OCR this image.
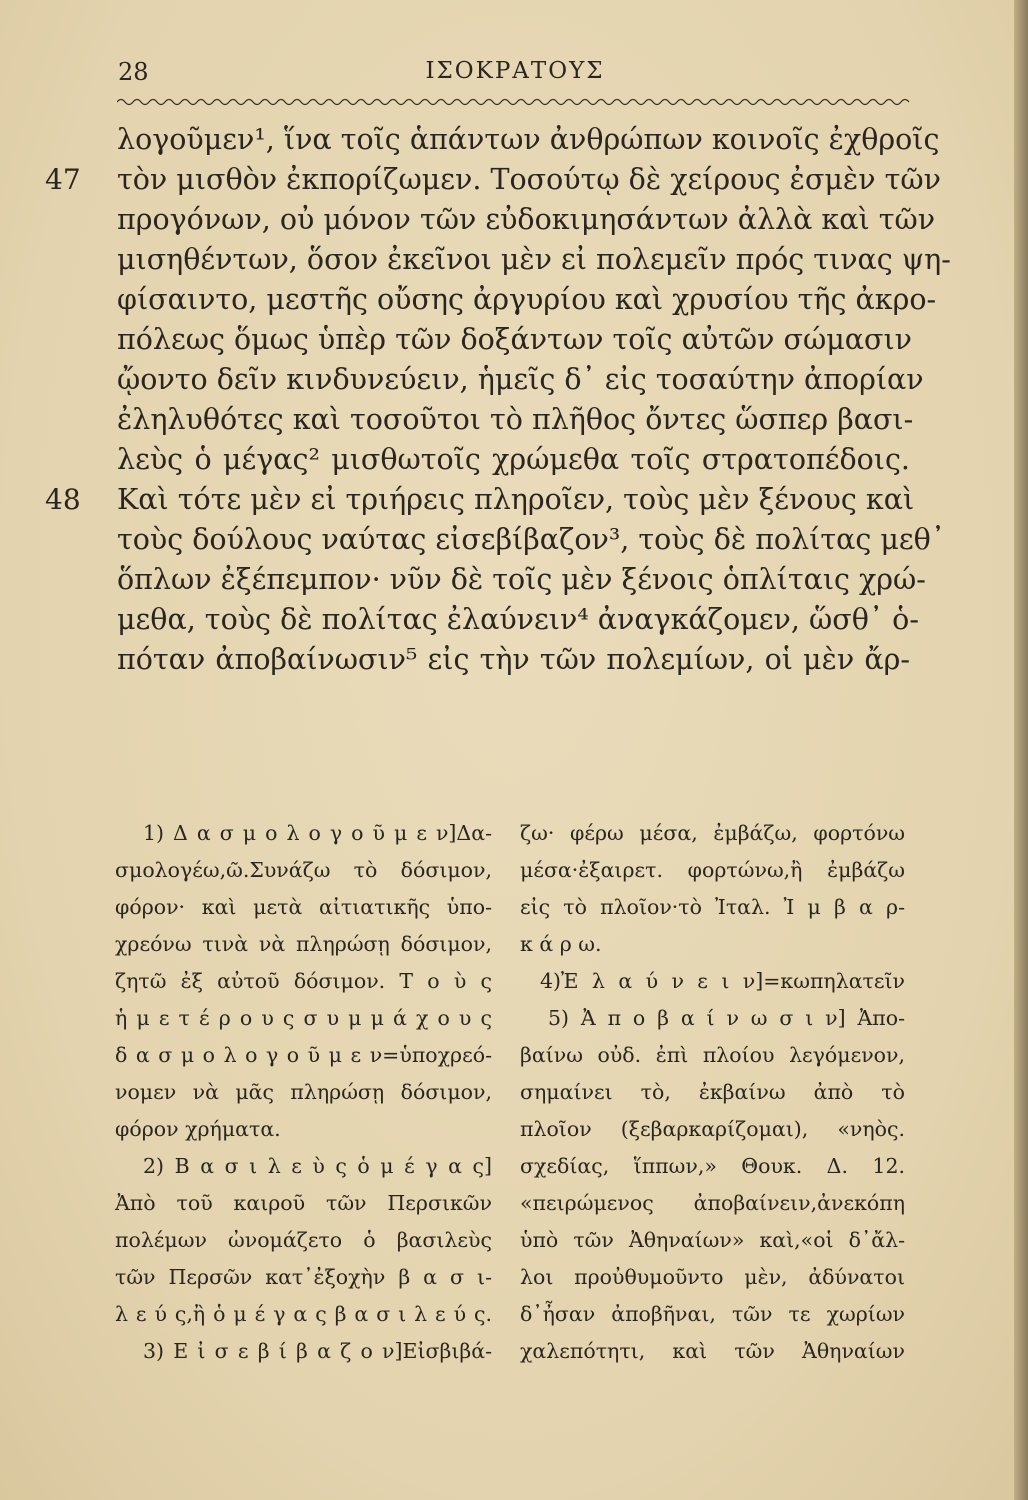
28	ΙΣΟΚΡΑΤΟΥΣ
λογοῦμεν¹, ἵνα τοῖς ἁπάντων ἀνθρώπων κοινοῖς ἐχθροῖς
47 τὸν μισθὸν ἐκπορίζωμεν. Τοσούτῳ δὲ χείρους ἐσμὲν τῶν
προγόνων, οὐ μόνον τῶν εὐδοκιμησάντων ἀλλὰ καὶ τῶν
μισηθέντων, ὅσον ἐκεῖνοι μὲν εἰ πολεμεῖν πρός τινας ψη-
φίσαιντο, μεστῆς οὔσης ἀργυρίου καὶ χρυσίου τῆς ἀκρο-
πόλεως ὅμως ὑπὲρ τῶν δοξάντων τοῖς αὐτῶν σώμασιν
ᾤοντο δεῖν κινδυνεύειν, ἡμεῖς δ᾽ εἰς τοσαύτην ἀπορίαν
ἐληλυθότες καὶ τοσοῦτοι τὸ πλῆθος ὄντες ὥσπερ βασι-
λεὺς ὁ μέγας² μισθωτοῖς χρώμεθα τοῖς στρατοπέδοις.
48 Καὶ τότε μὲν εἰ τριήρεις πληροῖεν, τοὺς μὲν ξένους καὶ
τοὺς δούλους ναύτας εἰσεβίβαζον³, τοὺς δὲ πολίτας μεθ᾽
ὅπλων ἐξέπεμπον· νῦν δὲ τοῖς μὲν ξένοις ὁπλίταις χρώ-
μεθα, τοὺς δὲ πολίτας ἐλαύνειν⁴ ἀναγκάζομεν, ὥσθ᾽ ὁ-
πόταν ἀποβαίνωσιν⁵ εἰς τὴν τῶν πολεμίων, οἱ μὲν ἄρ-
1) Δ α σ μ ο λ ο γ ο ῦ μ ε ν]Δα-
σμολογέω,ῶ.Συνάζω τὸ δόσιμον,
φόρον· καὶ μετὰ αἰτιατικῆς ὑπο-
χρεόνω τινὰ νὰ πληρώσῃ δόσιμον,
ζητῶ ἐξ αὐτοῦ δόσιμον. Τ ο ὺ ς
ἡ μ ε τ έ ρ ο υ ς σ υ μ μ ά χ ο υ ς
δ α σ μ ο λ ο γ ο ῦ μ ε ν=ὑποχρεό-
νομεν νὰ μᾶς πληρώσῃ δόσιμον,
φόρον χρήματα.
2) Β α σ ι λ ε ὺ ς ὁ μ έ γ α ς]
Ἀπὸ τοῦ καιροῦ τῶν Περσικῶν
πολέμων ὠνομάζετο ὁ βασιλεὺς
τῶν Περσῶν κατ᾽ἐξοχὴν β α σ ι-
λ ε ύ ς,ἢ ὁ μ έ γ α ς β α σ ι λ ε ύ ς.
3) Ε ἰ σ ε β ί β α ζ ο ν]Εἰσβιβά-
ζω· φέρω μέσα, ἐμβάζω, φορτόνω
μέσα·ἐξαιρετ. φορτώνω,ἢ ἐμβάζω
εἰς τὸ πλοῖον·τὸ Ἰταλ. Ἰ μ β α ρ-
κ ά ρ ω.
4)Ἐ λ α ύ ν ε ι ν]=κωπηλατεῖν
5) Ἀ π ο β α ί ν ω σ ι ν] Ἀπο-
βαίνω οὐδ. ἐπὶ πλοίου λεγόμενον,
σημαίνει τὸ, ἐκβαίνω ἀπὸ τὸ
πλοῖον (ξεβαρκαρίζομαι), «νηὸς.
σχεδίας, ἵππων,» Θουκ. Δ. 12.
«πειρώμενος ἀποβαίνειν,ἀνεκόπη
ὑπὸ τῶν Ἀθηναίων» καὶ,«οἱ δ᾽ἄλ-
λοι προὐθυμοῦντο μὲν, ἀδύνατοι
δ᾽ἦσαν ἀποβῆναι, τῶν τε χωρίων
χαλεπότητι, καὶ τῶν Ἀθηναίων
